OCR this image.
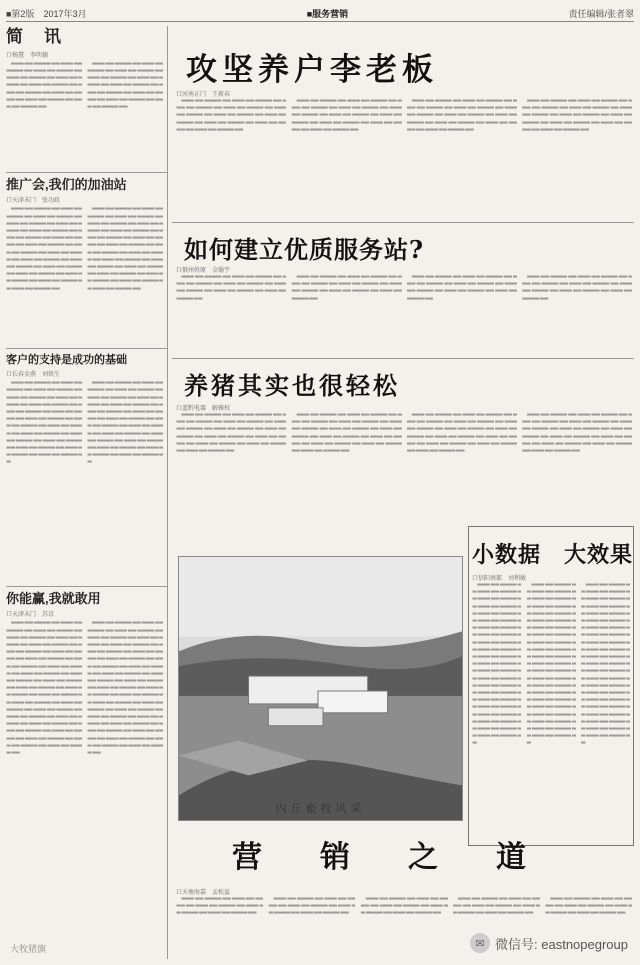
■第2版　2017年3月	■服务营销	责任编辑/张者翠
简　讯
口杨慧　李明德
　▬▬▬ ▬▬ ▬▬▬▬ ▬▬ ▬▬▬ ▬▬ ▬▬▬▬ ▬▬ ▬▬▬ ▬▬ ▬▬▬▬ ▬▬ ▬▬▬ ▬▬ ▬▬▬▬ ▬▬ ▬▬▬ ▬▬ ▬▬▬▬ ▬▬ ▬▬▬ ▬▬ ▬▬▬▬ ▬▬ ▬▬▬ ▬▬ ▬▬▬▬ ▬▬ ▬▬▬ ▬▬ ▬▬▬▬ ▬▬ ▬▬▬ ▬▬ ▬▬▬▬ ▬▬ ▬▬▬ ▬▬ ▬▬▬▬ ▬▬
　▬▬▬ ▬▬ ▬▬▬▬ ▬▬ ▬▬▬ ▬▬ ▬▬▬▬ ▬▬ ▬▬▬ ▬▬ ▬▬▬▬ ▬▬ ▬▬▬ ▬▬ ▬▬▬▬ ▬▬ ▬▬▬ ▬▬ ▬▬▬▬ ▬▬ ▬▬▬ ▬▬ ▬▬▬▬ ▬▬ ▬▬▬ ▬▬ ▬▬▬▬ ▬▬ ▬▬▬ ▬▬ ▬▬▬▬ ▬▬ ▬▬▬ ▬▬ ▬▬▬▬ ▬▬ ▬▬▬ ▬▬ ▬▬▬▬ ▬▬
推广会,我们的加油站
口天津未门　张功政
　▬▬▬ ▬▬ ▬▬▬▬ ▬▬ ▬▬▬ ▬▬ ▬▬▬▬ ▬▬ ▬▬▬ ▬▬ ▬▬▬▬ ▬▬ ▬▬▬ ▬▬ ▬▬▬▬ ▬▬ ▬▬▬ ▬▬ ▬▬▬▬ ▬▬ ▬▬▬ ▬▬ ▬▬▬▬ ▬▬ ▬▬▬ ▬▬ ▬▬▬▬ ▬▬ ▬▬▬ ▬▬ ▬▬▬▬ ▬▬ ▬▬▬ ▬▬ ▬▬▬▬ ▬▬ ▬▬▬ ▬▬ ▬▬▬▬ ▬▬ ▬▬▬ ▬▬ ▬▬▬▬ ▬▬ ▬▬▬ ▬▬ ▬▬▬▬ ▬▬ ▬▬▬ ▬▬ ▬▬▬▬ ▬▬ ▬▬▬ ▬▬ ▬▬▬▬ ▬▬ ▬▬▬ ▬▬ ▬▬▬▬ ▬▬ ▬▬▬ ▬▬ ▬▬▬▬ ▬▬ ▬▬▬ ▬▬ ▬▬▬▬ ▬▬ ▬▬▬ ▬▬ ▬▬▬▬ ▬▬
　▬▬▬ ▬▬ ▬▬▬▬ ▬▬ ▬▬▬ ▬▬ ▬▬▬▬ ▬▬ ▬▬▬ ▬▬ ▬▬▬▬ ▬▬ ▬▬▬ ▬▬ ▬▬▬▬ ▬▬ ▬▬▬ ▬▬ ▬▬▬▬ ▬▬ ▬▬▬ ▬▬ ▬▬▬▬ ▬▬ ▬▬▬ ▬▬ ▬▬▬▬ ▬▬ ▬▬▬ ▬▬ ▬▬▬▬ ▬▬ ▬▬▬ ▬▬ ▬▬▬▬ ▬▬ ▬▬▬ ▬▬ ▬▬▬▬ ▬▬ ▬▬▬ ▬▬ ▬▬▬▬ ▬▬ ▬▬▬ ▬▬ ▬▬▬▬ ▬▬ ▬▬▬ ▬▬ ▬▬▬▬ ▬▬ ▬▬▬ ▬▬ ▬▬▬▬ ▬▬ ▬▬▬ ▬▬ ▬▬▬▬ ▬▬ ▬▬▬ ▬▬ ▬▬▬▬ ▬▬ ▬▬▬ ▬▬ ▬▬▬▬ ▬▬ ▬▬▬ ▬▬ ▬▬▬▬ ▬▬
客户的支持是成功的基础
口长春金燕　刘铁生
　▬▬▬ ▬▬ ▬▬▬▬ ▬▬ ▬▬▬ ▬▬ ▬▬▬▬ ▬▬ ▬▬▬ ▬▬ ▬▬▬▬ ▬▬ ▬▬▬ ▬▬ ▬▬▬▬ ▬▬ ▬▬▬ ▬▬ ▬▬▬▬ ▬▬ ▬▬▬ ▬▬ ▬▬▬▬ ▬▬ ▬▬▬ ▬▬ ▬▬▬▬ ▬▬ ▬▬▬ ▬▬ ▬▬▬▬ ▬▬ ▬▬▬ ▬▬ ▬▬▬▬ ▬▬ ▬▬▬ ▬▬ ▬▬▬▬ ▬▬ ▬▬▬ ▬▬ ▬▬▬▬ ▬▬ ▬▬▬ ▬▬ ▬▬▬▬ ▬▬ ▬▬▬ ▬▬ ▬▬▬▬ ▬▬ ▬▬▬ ▬▬ ▬▬▬▬ ▬▬ ▬▬▬ ▬▬ ▬▬▬▬ ▬▬ ▬▬▬ ▬▬ ▬▬▬▬ ▬▬ ▬▬▬ ▬▬ ▬▬▬▬ ▬▬
　▬▬▬ ▬▬ ▬▬▬▬ ▬▬ ▬▬▬ ▬▬ ▬▬▬▬ ▬▬ ▬▬▬ ▬▬ ▬▬▬▬ ▬▬ ▬▬▬ ▬▬ ▬▬▬▬ ▬▬ ▬▬▬ ▬▬ ▬▬▬▬ ▬▬ ▬▬▬ ▬▬ ▬▬▬▬ ▬▬ ▬▬▬ ▬▬ ▬▬▬▬ ▬▬ ▬▬▬ ▬▬ ▬▬▬▬ ▬▬ ▬▬▬ ▬▬ ▬▬▬▬ ▬▬ ▬▬▬ ▬▬ ▬▬▬▬ ▬▬ ▬▬▬ ▬▬ ▬▬▬▬ ▬▬ ▬▬▬ ▬▬ ▬▬▬▬ ▬▬ ▬▬▬ ▬▬ ▬▬▬▬ ▬▬ ▬▬▬ ▬▬ ▬▬▬▬ ▬▬ ▬▬▬ ▬▬ ▬▬▬▬ ▬▬ ▬▬▬ ▬▬ ▬▬▬▬ ▬▬ ▬▬▬ ▬▬ ▬▬▬▬ ▬▬
你能赢,我就敢用
口天津未门　苏京
　▬▬▬ ▬▬ ▬▬▬▬ ▬▬ ▬▬▬ ▬▬ ▬▬▬▬ ▬▬ ▬▬▬ ▬▬ ▬▬▬▬ ▬▬ ▬▬▬ ▬▬ ▬▬▬▬ ▬▬ ▬▬▬ ▬▬ ▬▬▬▬ ▬▬ ▬▬▬ ▬▬ ▬▬▬▬ ▬▬ ▬▬▬ ▬▬ ▬▬▬▬ ▬▬ ▬▬▬ ▬▬ ▬▬▬▬ ▬▬ ▬▬▬ ▬▬ ▬▬▬▬ ▬▬ ▬▬▬ ▬▬ ▬▬▬▬ ▬▬ ▬▬▬ ▬▬ ▬▬▬▬ ▬▬ ▬▬▬ ▬▬ ▬▬▬▬ ▬▬ ▬▬▬ ▬▬ ▬▬▬▬ ▬▬ ▬▬▬ ▬▬ ▬▬▬▬ ▬▬ ▬▬▬ ▬▬ ▬▬▬▬ ▬▬ ▬▬▬ ▬▬ ▬▬▬▬ ▬▬ ▬▬▬ ▬▬ ▬▬▬▬ ▬▬ ▬▬▬ ▬▬ ▬▬▬▬ ▬▬ ▬▬▬ ▬▬ ▬▬▬▬ ▬▬ ▬▬▬ ▬▬ ▬▬▬▬ ▬▬ ▬▬▬ ▬▬ ▬▬▬▬ ▬▬ ▬▬▬ ▬▬ ▬▬▬▬ ▬▬ ▬▬▬ ▬▬ ▬▬▬▬ ▬▬ ▬▬▬ ▬▬ ▬▬▬▬ ▬▬ ▬▬▬ ▬▬ ▬▬▬▬ ▬▬ ▬▬▬ ▬▬ ▬▬▬▬ ▬▬ ▬▬▬ ▬▬ ▬▬▬▬ ▬▬ ▬▬▬ ▬▬ ▬▬▬▬ ▬▬
　▬▬▬ ▬▬ ▬▬▬▬ ▬▬ ▬▬▬ ▬▬ ▬▬▬▬ ▬▬ ▬▬▬ ▬▬ ▬▬▬▬ ▬▬ ▬▬▬ ▬▬ ▬▬▬▬ ▬▬ ▬▬▬ ▬▬ ▬▬▬▬ ▬▬ ▬▬▬ ▬▬ ▬▬▬▬ ▬▬ ▬▬▬ ▬▬ ▬▬▬▬ ▬▬ ▬▬▬ ▬▬ ▬▬▬▬ ▬▬ ▬▬▬ ▬▬ ▬▬▬▬ ▬▬ ▬▬▬ ▬▬ ▬▬▬▬ ▬▬ ▬▬▬ ▬▬ ▬▬▬▬ ▬▬ ▬▬▬ ▬▬ ▬▬▬▬ ▬▬ ▬▬▬ ▬▬ ▬▬▬▬ ▬▬ ▬▬▬ ▬▬ ▬▬▬▬ ▬▬ ▬▬▬ ▬▬ ▬▬▬▬ ▬▬ ▬▬▬ ▬▬ ▬▬▬▬ ▬▬ ▬▬▬ ▬▬ ▬▬▬▬ ▬▬ ▬▬▬ ▬▬ ▬▬▬▬ ▬▬ ▬▬▬ ▬▬ ▬▬▬▬ ▬▬ ▬▬▬ ▬▬ ▬▬▬▬ ▬▬ ▬▬▬ ▬▬ ▬▬▬▬ ▬▬ ▬▬▬ ▬▬ ▬▬▬▬ ▬▬ ▬▬▬ ▬▬ ▬▬▬▬ ▬▬ ▬▬▬ ▬▬ ▬▬▬▬ ▬▬ ▬▬▬ ▬▬ ▬▬▬▬ ▬▬ ▬▬▬ ▬▬ ▬▬▬▬ ▬▬ ▬▬▬ ▬▬ ▬▬▬▬ ▬▬ ▬▬▬ ▬▬ ▬▬▬▬ ▬▬
攻坚养户李老板
口河南正门　王新春
　▬▬▬ ▬▬ ▬▬▬▬ ▬▬ ▬▬▬ ▬▬ ▬▬▬▬ ▬▬ ▬▬▬ ▬▬ ▬▬▬▬ ▬▬ ▬▬▬ ▬▬ ▬▬▬▬ ▬▬ ▬▬▬ ▬▬ ▬▬▬▬ ▬▬ ▬▬▬ ▬▬ ▬▬▬▬ ▬▬ ▬▬▬ ▬▬ ▬▬▬▬ ▬▬ ▬▬▬ ▬▬ ▬▬▬▬ ▬▬ ▬▬▬ ▬▬ ▬▬▬▬ ▬▬ ▬▬▬ ▬▬ ▬▬▬▬ ▬▬
　▬▬▬ ▬▬ ▬▬▬▬ ▬▬ ▬▬▬ ▬▬ ▬▬▬▬ ▬▬ ▬▬▬ ▬▬ ▬▬▬▬ ▬▬ ▬▬▬ ▬▬ ▬▬▬▬ ▬▬ ▬▬▬ ▬▬ ▬▬▬▬ ▬▬ ▬▬▬ ▬▬ ▬▬▬▬ ▬▬ ▬▬▬ ▬▬ ▬▬▬▬ ▬▬ ▬▬▬ ▬▬ ▬▬▬▬ ▬▬ ▬▬▬ ▬▬ ▬▬▬▬ ▬▬ ▬▬▬ ▬▬ ▬▬▬▬ ▬▬
　▬▬▬ ▬▬ ▬▬▬▬ ▬▬ ▬▬▬ ▬▬ ▬▬▬▬ ▬▬ ▬▬▬ ▬▬ ▬▬▬▬ ▬▬ ▬▬▬ ▬▬ ▬▬▬▬ ▬▬ ▬▬▬ ▬▬ ▬▬▬▬ ▬▬ ▬▬▬ ▬▬ ▬▬▬▬ ▬▬ ▬▬▬ ▬▬ ▬▬▬▬ ▬▬ ▬▬▬ ▬▬ ▬▬▬▬ ▬▬ ▬▬▬ ▬▬ ▬▬▬▬ ▬▬ ▬▬▬ ▬▬ ▬▬▬▬ ▬▬
　▬▬▬ ▬▬ ▬▬▬▬ ▬▬ ▬▬▬ ▬▬ ▬▬▬▬ ▬▬ ▬▬▬ ▬▬ ▬▬▬▬ ▬▬ ▬▬▬ ▬▬ ▬▬▬▬ ▬▬ ▬▬▬ ▬▬ ▬▬▬▬ ▬▬ ▬▬▬ ▬▬ ▬▬▬▬ ▬▬ ▬▬▬ ▬▬ ▬▬▬▬ ▬▬ ▬▬▬ ▬▬ ▬▬▬▬ ▬▬ ▬▬▬ ▬▬ ▬▬▬▬ ▬▬ ▬▬▬ ▬▬ ▬▬▬▬ ▬▬
如何建立优质服务站?
口俄州姓原　金翰宇
　▬▬▬ ▬▬ ▬▬▬▬ ▬▬ ▬▬▬ ▬▬ ▬▬▬▬ ▬▬ ▬▬▬ ▬▬ ▬▬▬▬ ▬▬ ▬▬▬ ▬▬ ▬▬▬▬ ▬▬ ▬▬▬ ▬▬ ▬▬▬▬ ▬▬ ▬▬▬ ▬▬ ▬▬▬▬ ▬▬ ▬▬▬ ▬▬ ▬▬▬▬ ▬▬
　▬▬▬ ▬▬ ▬▬▬▬ ▬▬ ▬▬▬ ▬▬ ▬▬▬▬ ▬▬ ▬▬▬ ▬▬ ▬▬▬▬ ▬▬ ▬▬▬ ▬▬ ▬▬▬▬ ▬▬ ▬▬▬ ▬▬ ▬▬▬▬ ▬▬ ▬▬▬ ▬▬ ▬▬▬▬ ▬▬ ▬▬▬ ▬▬ ▬▬▬▬ ▬▬
　▬▬▬ ▬▬ ▬▬▬▬ ▬▬ ▬▬▬ ▬▬ ▬▬▬▬ ▬▬ ▬▬▬ ▬▬ ▬▬▬▬ ▬▬ ▬▬▬ ▬▬ ▬▬▬▬ ▬▬ ▬▬▬ ▬▬ ▬▬▬▬ ▬▬ ▬▬▬ ▬▬ ▬▬▬▬ ▬▬ ▬▬▬ ▬▬ ▬▬▬▬ ▬▬
　▬▬▬ ▬▬ ▬▬▬▬ ▬▬ ▬▬▬ ▬▬ ▬▬▬▬ ▬▬ ▬▬▬ ▬▬ ▬▬▬▬ ▬▬ ▬▬▬ ▬▬ ▬▬▬▬ ▬▬ ▬▬▬ ▬▬ ▬▬▬▬ ▬▬ ▬▬▬ ▬▬ ▬▬▬▬ ▬▬ ▬▬▬ ▬▬ ▬▬▬▬ ▬▬
养猪其实也很轻松
口蓝黔电器　解雅权
　▬▬▬ ▬▬ ▬▬▬▬ ▬▬ ▬▬▬ ▬▬ ▬▬▬▬ ▬▬ ▬▬▬ ▬▬ ▬▬▬▬ ▬▬ ▬▬▬ ▬▬ ▬▬▬▬ ▬▬ ▬▬▬ ▬▬ ▬▬▬▬ ▬▬ ▬▬▬ ▬▬ ▬▬▬▬ ▬▬ ▬▬▬ ▬▬ ▬▬▬▬ ▬▬ ▬▬▬ ▬▬ ▬▬▬▬ ▬▬ ▬▬▬ ▬▬ ▬▬▬▬ ▬▬ ▬▬▬ ▬▬ ▬▬▬▬ ▬▬ ▬▬▬ ▬▬ ▬▬▬▬ ▬▬ ▬▬▬ ▬▬ ▬▬▬▬ ▬▬
　▬▬▬ ▬▬ ▬▬▬▬ ▬▬ ▬▬▬ ▬▬ ▬▬▬▬ ▬▬ ▬▬▬ ▬▬ ▬▬▬▬ ▬▬ ▬▬▬ ▬▬ ▬▬▬▬ ▬▬ ▬▬▬ ▬▬ ▬▬▬▬ ▬▬ ▬▬▬ ▬▬ ▬▬▬▬ ▬▬ ▬▬▬ ▬▬ ▬▬▬▬ ▬▬ ▬▬▬ ▬▬ ▬▬▬▬ ▬▬ ▬▬▬ ▬▬ ▬▬▬▬ ▬▬ ▬▬▬ ▬▬ ▬▬▬▬ ▬▬ ▬▬▬ ▬▬ ▬▬▬▬ ▬▬ ▬▬▬ ▬▬ ▬▬▬▬ ▬▬
　▬▬▬ ▬▬ ▬▬▬▬ ▬▬ ▬▬▬ ▬▬ ▬▬▬▬ ▬▬ ▬▬▬ ▬▬ ▬▬▬▬ ▬▬ ▬▬▬ ▬▬ ▬▬▬▬ ▬▬ ▬▬▬ ▬▬ ▬▬▬▬ ▬▬ ▬▬▬ ▬▬ ▬▬▬▬ ▬▬ ▬▬▬ ▬▬ ▬▬▬▬ ▬▬ ▬▬▬ ▬▬ ▬▬▬▬ ▬▬ ▬▬▬ ▬▬ ▬▬▬▬ ▬▬ ▬▬▬ ▬▬ ▬▬▬▬ ▬▬ ▬▬▬ ▬▬ ▬▬▬▬ ▬▬ ▬▬▬ ▬▬ ▬▬▬▬ ▬▬
　▬▬▬ ▬▬ ▬▬▬▬ ▬▬ ▬▬▬ ▬▬ ▬▬▬▬ ▬▬ ▬▬▬ ▬▬ ▬▬▬▬ ▬▬ ▬▬▬ ▬▬ ▬▬▬▬ ▬▬ ▬▬▬ ▬▬ ▬▬▬▬ ▬▬ ▬▬▬ ▬▬ ▬▬▬▬ ▬▬ ▬▬▬ ▬▬ ▬▬▬▬ ▬▬ ▬▬▬ ▬▬ ▬▬▬▬ ▬▬ ▬▬▬ ▬▬ ▬▬▬▬ ▬▬ ▬▬▬ ▬▬ ▬▬▬▬ ▬▬ ▬▬▬ ▬▬ ▬▬▬▬ ▬▬ ▬▬▬ ▬▬ ▬▬▬▬ ▬▬
内丘畜牧风采	(内丘畜牧　赞邱群)
小数据　大效果
口信阳南都　刘利敏
　▬▬▬ ▬▬ ▬▬▬▬ ▬▬ ▬▬▬ ▬▬ ▬▬▬▬ ▬▬ ▬▬▬ ▬▬ ▬▬▬▬ ▬▬ ▬▬▬ ▬▬ ▬▬▬▬ ▬▬ ▬▬▬ ▬▬ ▬▬▬▬ ▬▬ ▬▬▬ ▬▬ ▬▬▬▬ ▬▬ ▬▬▬ ▬▬ ▬▬▬▬ ▬▬ ▬▬▬ ▬▬ ▬▬▬▬ ▬▬ ▬▬▬ ▬▬ ▬▬▬▬ ▬▬ ▬▬▬ ▬▬ ▬▬▬▬ ▬▬ ▬▬▬ ▬▬ ▬▬▬▬ ▬▬ ▬▬▬ ▬▬ ▬▬▬▬ ▬▬ ▬▬▬ ▬▬ ▬▬▬▬ ▬▬ ▬▬▬ ▬▬ ▬▬▬▬ ▬▬ ▬▬▬ ▬▬ ▬▬▬▬ ▬▬ ▬▬▬ ▬▬ ▬▬▬▬ ▬▬ ▬▬▬ ▬▬ ▬▬▬▬ ▬▬ ▬▬▬ ▬▬ ▬▬▬▬ ▬▬ ▬▬▬ ▬▬ ▬▬▬▬ ▬▬ ▬▬▬ ▬▬ ▬▬▬▬ ▬▬ ▬▬▬ ▬▬ ▬▬▬▬ ▬▬ ▬▬▬ ▬▬ ▬▬▬▬ ▬▬
　▬▬▬ ▬▬ ▬▬▬▬ ▬▬ ▬▬▬ ▬▬ ▬▬▬▬ ▬▬ ▬▬▬ ▬▬ ▬▬▬▬ ▬▬ ▬▬▬ ▬▬ ▬▬▬▬ ▬▬ ▬▬▬ ▬▬ ▬▬▬▬ ▬▬ ▬▬▬ ▬▬ ▬▬▬▬ ▬▬ ▬▬▬ ▬▬ ▬▬▬▬ ▬▬ ▬▬▬ ▬▬ ▬▬▬▬ ▬▬ ▬▬▬ ▬▬ ▬▬▬▬ ▬▬ ▬▬▬ ▬▬ ▬▬▬▬ ▬▬ ▬▬▬ ▬▬ ▬▬▬▬ ▬▬ ▬▬▬ ▬▬ ▬▬▬▬ ▬▬ ▬▬▬ ▬▬ ▬▬▬▬ ▬▬ ▬▬▬ ▬▬ ▬▬▬▬ ▬▬ ▬▬▬ ▬▬ ▬▬▬▬ ▬▬ ▬▬▬ ▬▬ ▬▬▬▬ ▬▬ ▬▬▬ ▬▬ ▬▬▬▬ ▬▬ ▬▬▬ ▬▬ ▬▬▬▬ ▬▬ ▬▬▬ ▬▬ ▬▬▬▬ ▬▬ ▬▬▬ ▬▬ ▬▬▬▬ ▬▬ ▬▬▬ ▬▬ ▬▬▬▬ ▬▬ ▬▬▬ ▬▬ ▬▬▬▬ ▬▬
　▬▬▬ ▬▬ ▬▬▬▬ ▬▬ ▬▬▬ ▬▬ ▬▬▬▬ ▬▬ ▬▬▬ ▬▬ ▬▬▬▬ ▬▬ ▬▬▬ ▬▬ ▬▬▬▬ ▬▬ ▬▬▬ ▬▬ ▬▬▬▬ ▬▬ ▬▬▬ ▬▬ ▬▬▬▬ ▬▬ ▬▬▬ ▬▬ ▬▬▬▬ ▬▬ ▬▬▬ ▬▬ ▬▬▬▬ ▬▬ ▬▬▬ ▬▬ ▬▬▬▬ ▬▬ ▬▬▬ ▬▬ ▬▬▬▬ ▬▬ ▬▬▬ ▬▬ ▬▬▬▬ ▬▬ ▬▬▬ ▬▬ ▬▬▬▬ ▬▬ ▬▬▬ ▬▬ ▬▬▬▬ ▬▬ ▬▬▬ ▬▬ ▬▬▬▬ ▬▬ ▬▬▬ ▬▬ ▬▬▬▬ ▬▬ ▬▬▬ ▬▬ ▬▬▬▬ ▬▬ ▬▬▬ ▬▬ ▬▬▬▬ ▬▬ ▬▬▬ ▬▬ ▬▬▬▬ ▬▬ ▬▬▬ ▬▬ ▬▬▬▬ ▬▬ ▬▬▬ ▬▬ ▬▬▬▬ ▬▬ ▬▬▬ ▬▬ ▬▬▬▬ ▬▬ ▬▬▬ ▬▬ ▬▬▬▬ ▬▬
营　销　之　道
口天塘海嘉　孟松益
　▬▬▬ ▬▬ ▬▬▬▬ ▬▬ ▬▬▬ ▬▬ ▬▬▬▬ ▬▬ ▬▬▬ ▬▬ ▬▬▬▬ ▬▬ ▬▬▬ ▬▬ ▬▬▬▬ ▬▬ ▬▬▬ ▬▬ ▬▬▬▬ ▬▬
　▬▬▬ ▬▬ ▬▬▬▬ ▬▬ ▬▬▬ ▬▬ ▬▬▬▬ ▬▬ ▬▬▬ ▬▬ ▬▬▬▬ ▬▬ ▬▬▬ ▬▬ ▬▬▬▬ ▬▬ ▬▬▬ ▬▬ ▬▬▬▬ ▬▬
　▬▬▬ ▬▬ ▬▬▬▬ ▬▬ ▬▬▬ ▬▬ ▬▬▬▬ ▬▬ ▬▬▬ ▬▬ ▬▬▬▬ ▬▬ ▬▬▬ ▬▬ ▬▬▬▬ ▬▬ ▬▬▬ ▬▬ ▬▬▬▬ ▬▬
　▬▬▬ ▬▬ ▬▬▬▬ ▬▬ ▬▬▬ ▬▬ ▬▬▬▬ ▬▬ ▬▬▬ ▬▬ ▬▬▬▬ ▬▬ ▬▬▬ ▬▬ ▬▬▬▬ ▬▬ ▬▬▬ ▬▬ ▬▬▬▬ ▬▬
　▬▬▬ ▬▬ ▬▬▬▬ ▬▬ ▬▬▬ ▬▬ ▬▬▬▬ ▬▬ ▬▬▬ ▬▬ ▬▬▬▬ ▬▬ ▬▬▬ ▬▬ ▬▬▬▬ ▬▬ ▬▬▬ ▬▬ ▬▬▬▬ ▬▬
大牧猪旗	✉ 微信号: eastnopegroup
